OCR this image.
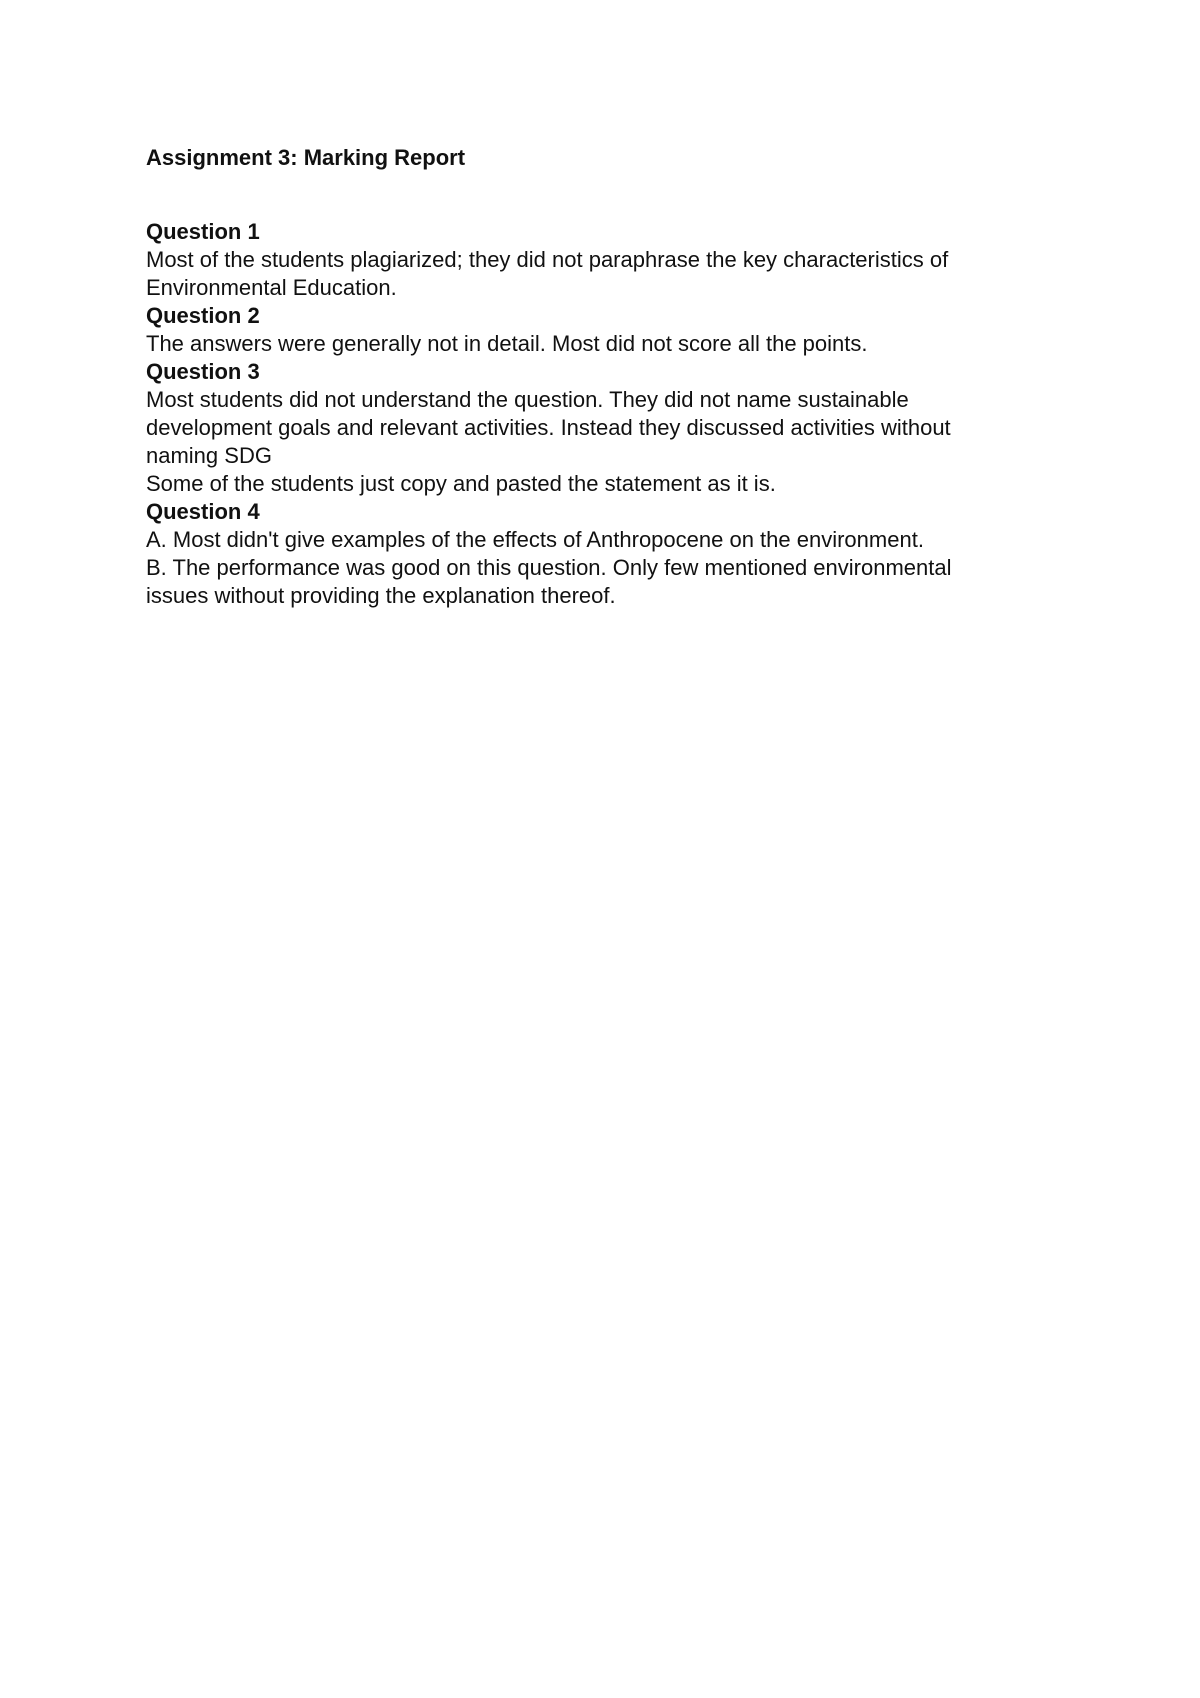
Assignment 3: Marking Report
Question 1
Most of the students plagiarized; they did not paraphrase the key characteristics of
Environmental Education.
Question 2
The answers were generally not in detail. Most did not score all the points.
Question 3
Most students did not understand the question. They did not name sustainable
development goals and relevant activities. Instead they discussed activities without
naming SDG
Some of the students just copy and pasted the statement as it is.
Question 4
A. Most didn't give examples of the effects of Anthropocene on the environment.
B. The performance was good on this question. Only few mentioned environmental
issues without providing the explanation thereof.
